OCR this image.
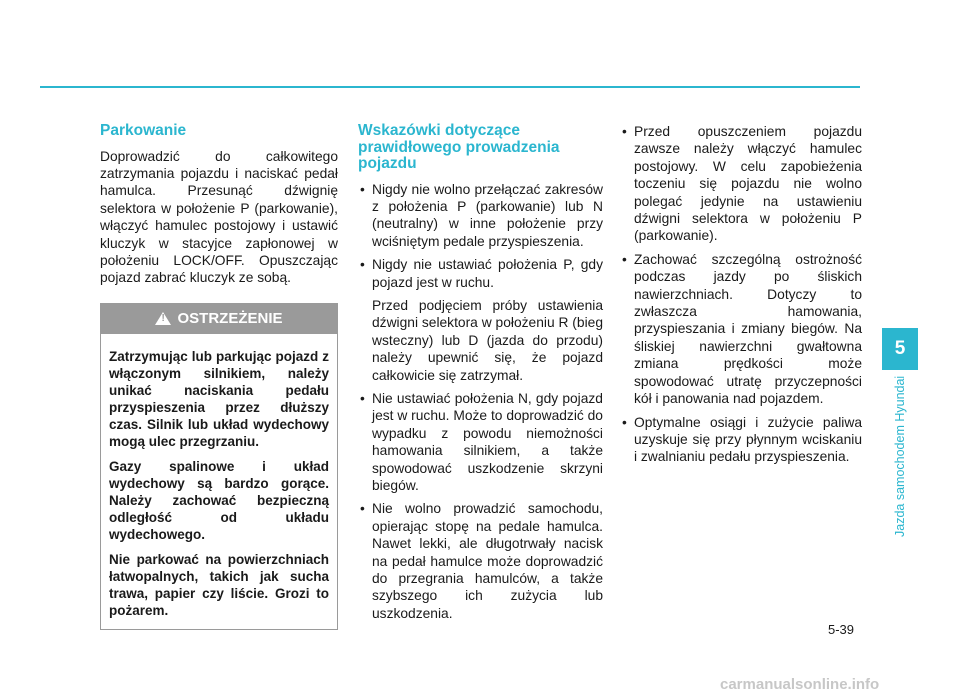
Parkowanie

Doprowadzić do całkowitego zatrzymania pojazdu i naciskać pedał hamulca. Przesunąć dźwignię selektora w położenie P (parkowanie), włączyć hamulec postojowy i ustawić kluczyk w stacyjce zapłonowej w położeniu LOCK/OFF. Opuszczając pojazd zabrać kluczyk ze sobą.

!
OSTRZEŻENIE

Zatrzymując lub parkując pojazd z włączonym silnikiem, należy unikać naciskania pedału przyspieszenia przez dłuższy czas. Silnik lub układ wydechowy mogą ulec przegrzaniu.

Gazy spalinowe i układ wydechowy są bardzo gorące. Należy zachować bezpieczną odległość od układu wydechowego.

Nie parkować na powierzchniach łatwopalnych, takich jak sucha trawa, papier czy liście. Grozi to pożarem.

Wskazówki dotyczące prawidłowego prowadzenia pojazdu

• Nigdy nie wolno przełączać zakresów z położenia P (parkowanie) lub N (neutralny) w inne położenie przy wciśniętym pedale przyspieszenia.

• Nigdy nie ustawiać położenia P, gdy pojazd jest w ruchu.

Przed podjęciem próby ustawienia dźwigni selektora w położeniu R (bieg wsteczny) lub D (jazda do przodu) należy upewnić się, że pojazd całkowicie się zatrzymał.

• Nie ustawiać położenia N, gdy pojazd jest w ruchu. Może to doprowadzić do wypadku z powodu niemożności hamowania silnikiem, a także spowodować uszkodzenie skrzyni biegów.

• Nie wolno prowadzić samochodu, opierając stopę na pedale hamulca. Nawet lekki, ale długotrwały nacisk na pedał hamulce może doprowadzić do przegrania hamulców, a także szybszego ich zużycia lub uszkodzenia.

• Przed opuszczeniem pojazdu zawsze należy włączyć hamulec postojowy. W celu zapobieżenia toczeniu się pojazdu nie wolno polegać jedynie na ustawieniu dźwigni selektora w położeniu P (parkowanie).

• Zachować szczególną ostrożność podczas jazdy po śliskich nawierzchniach. Dotyczy to zwłaszcza hamowania, przyspieszania i zmiany biegów. Na śliskiej nawierzchni gwałtowna zmiana prędkości może spowodować utratę przyczepności kół i panowania nad pojazdem.

• Optymalne osiągi i zużycie paliwa uzyskuje się przy płynnym wciskaniu i zwalnianiu pedału przyspieszenia.

5
Jazda samochodem Hyundai
5-39
carmanualsonline.info
